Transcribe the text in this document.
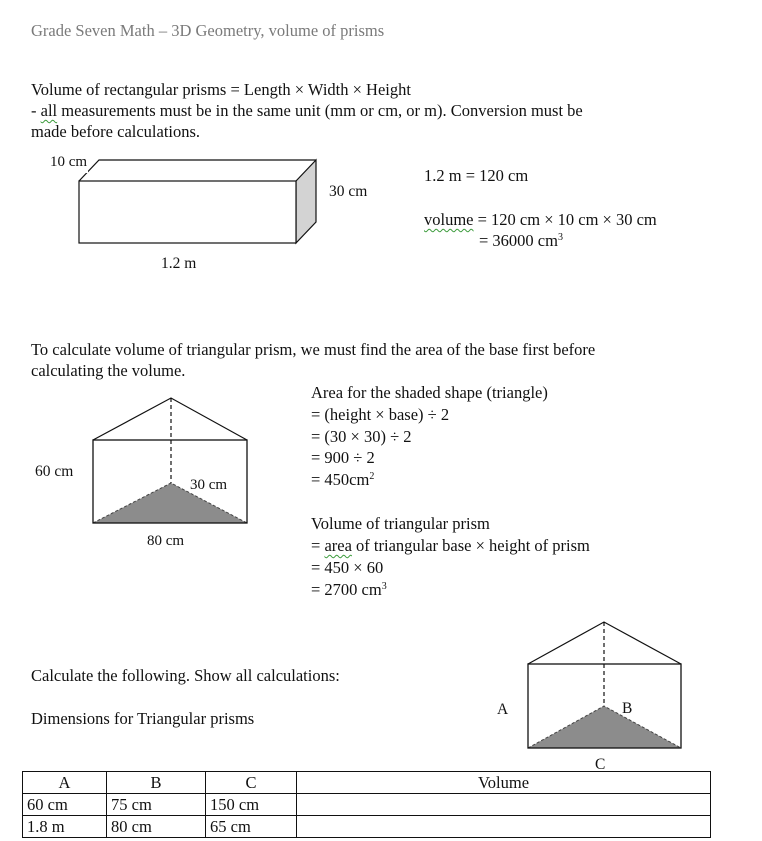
Grade Seven Math – 3D Geometry, volume of prisms
Volume of rectangular prisms = Length × Width × Height
- all measurements must be in the same unit (mm or cm, or m). Conversion must be
made before calculations.
10 cm
30 cm
1.2 m
1.2 m = 120 cm
volume = 120 cm × 10 cm × 30 cm
= 36000 $cm^3$
To calculate volume of triangular prism, we must find the area of the base first before
calculating the volume.
60 cm
30 cm
80 cm
Area for the shaded shape (triangle)
= (height × base) ÷ 2
= (30 × 30) ÷ 2
= 900 ÷ 2
= $450cm^2$
Volume of triangular prism
= area of triangular base × height of prism
= 450 × 60
= 2700 $cm^3$
Calculate the following. Show all calculations:
Dimensions for Triangular prisms	A	B
C
A	B	C	Volume
60 cm	75 cm	150 cm	
1.8 m	80 cm	65 cm	
